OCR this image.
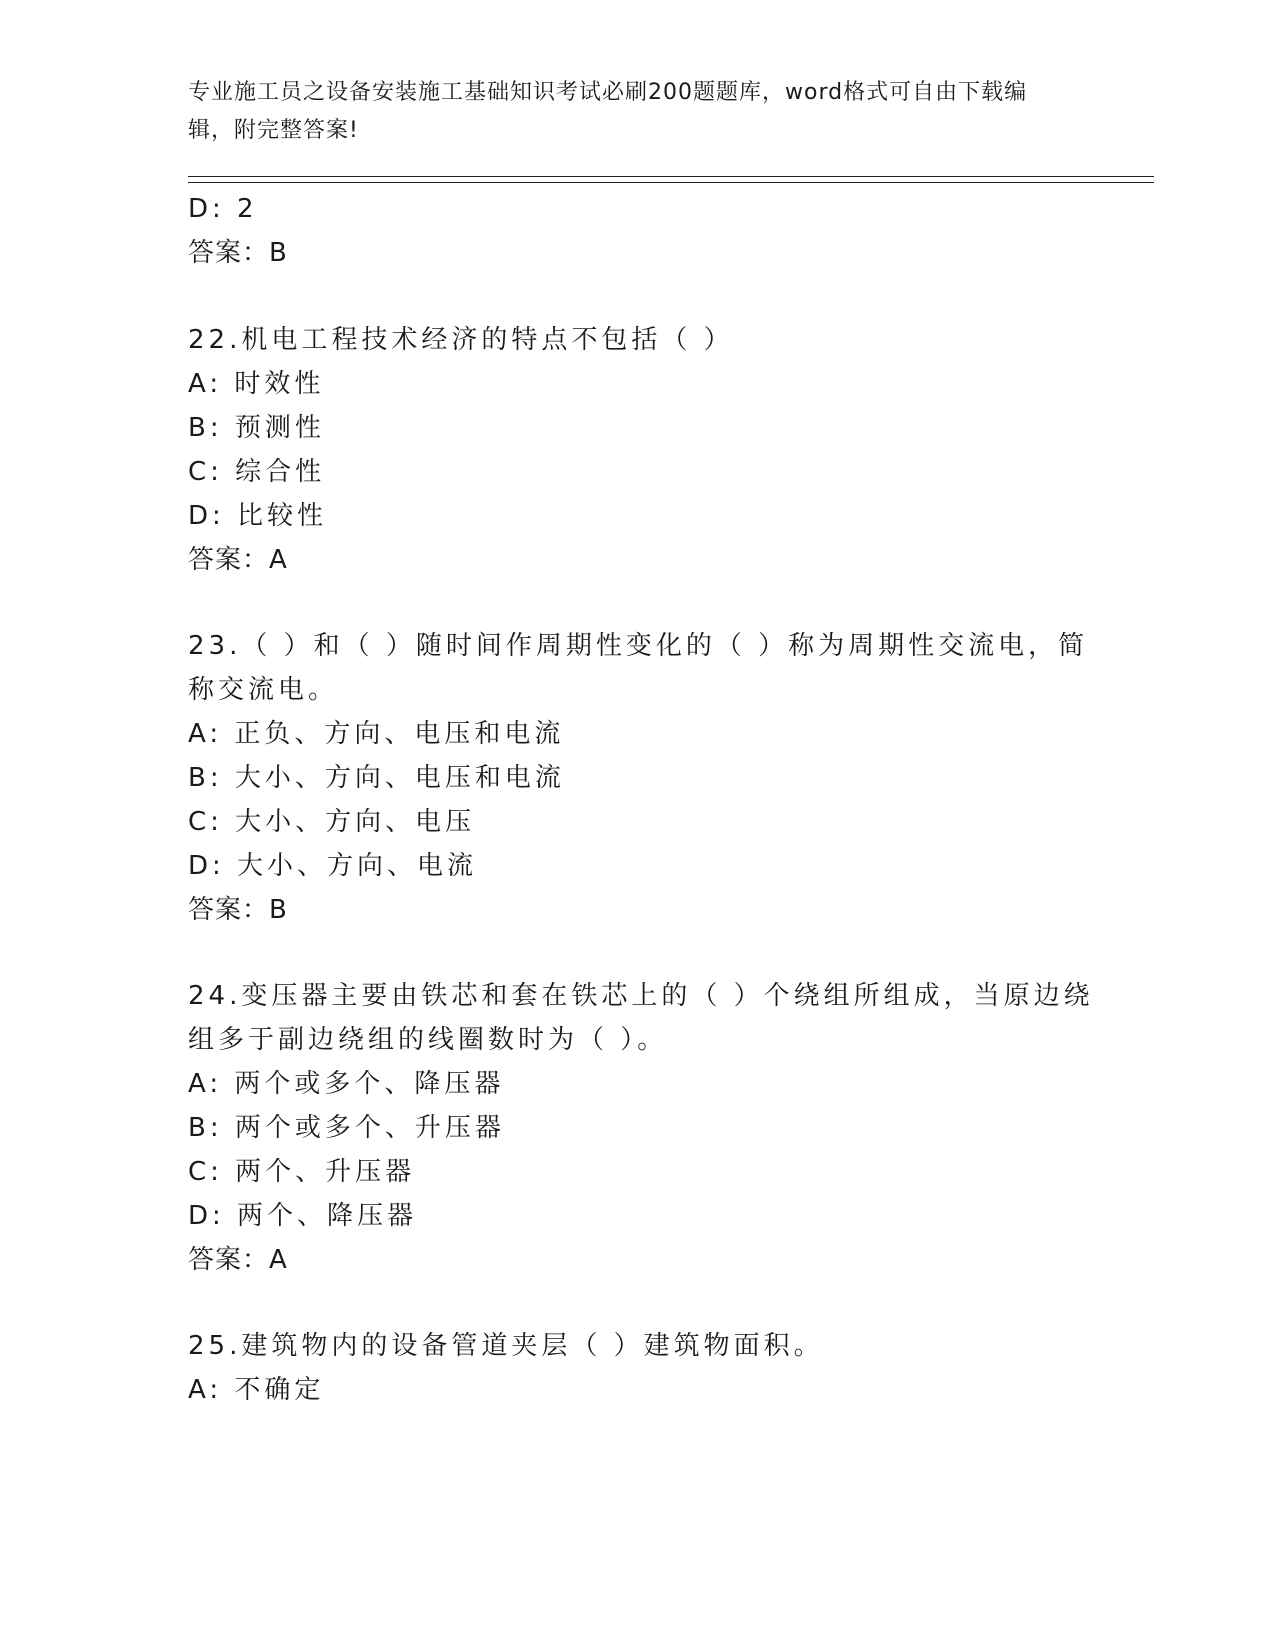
专业施工员之设备安装施工基础知识考试必刷200题题库，word格式可自由下载编辑，附完整答案!
D: 2
答案：B
22.机电工程技术经济的特点不包括（ ）
A: 时效性
B: 预测性
C: 综合性
D: 比较性
答案：A
23.（ ）和（ ）随时间作周期性变化的（ ）称为周期性交流电，简
称交流电。
A: 正负、方向、电压和电流
B: 大小、方向、电压和电流
C: 大小、方向、电压
D: 大小、方向、电流
答案：B
24.变压器主要由铁芯和套在铁芯上的（ ）个绕组所组成，当原边绕
组多于副边绕组的线圈数时为（ ）。
A: 两个或多个、降压器
B: 两个或多个、升压器
C: 两个、升压器
D: 两个、降压器
答案：A
25.建筑物内的设备管道夹层（ ）建筑物面积。
A: 不确定
